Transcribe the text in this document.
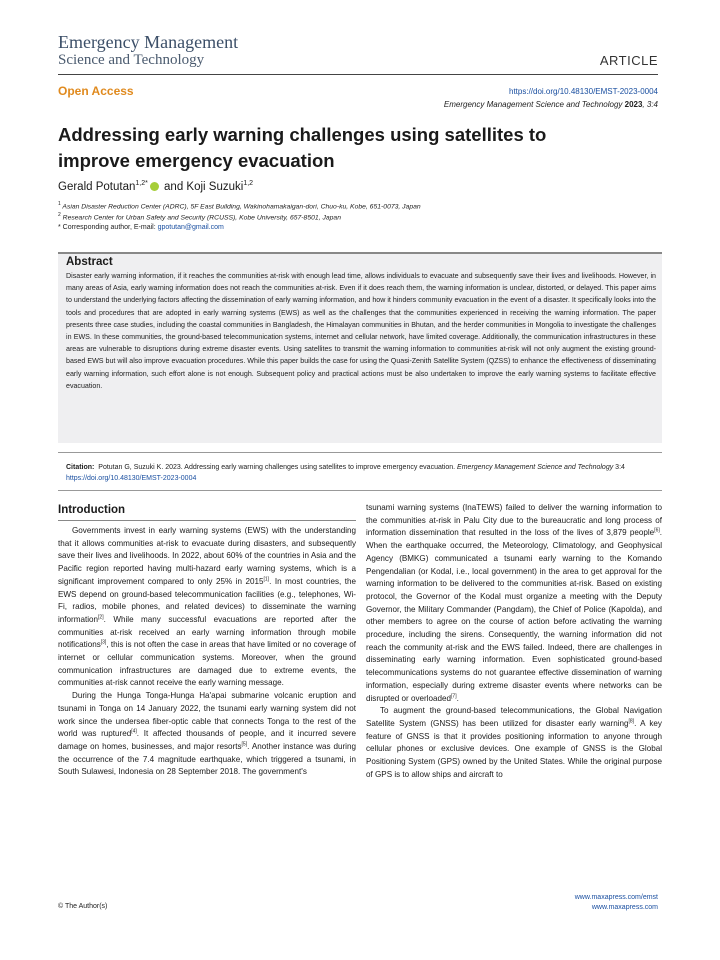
Emergency Management
Science and Technology	ARTICLE
Open Access	https://doi.org/10.48130/EMST-2023-0004
Emergency Management Science and Technology 2023, 3:4
Addressing early warning challenges using satellites to improve emergency evacuation
Gerald Potutan$^{1,2*}$ and Koji Suzuki$^{1,2}$
$^1$ Asian Disaster Reduction Center (ADRC), 5F East Building, Wakinohamakaigan-dori, Chuo-ku, Kobe, 651-0073, Japan
$^2$ Research Center for Urban Safety and Security (RCUSS), Kobe University, 657-8501, Japan
* Corresponding author, E-mail: gpotutan@gmail.com
Abstract
Disaster early warning information, if it reaches the communities at-risk with enough lead time, allows individuals to evacuate and subsequently save their lives and livelihoods. However, in many areas of Asia, early warning information does not reach the communities at-risk. Even if it does reach them, the warning information is unclear, distorted, or delayed. This paper aims to understand the underlying factors affecting the dissemination of early warning information, and how it hinders community evacuation in the event of a disaster. It specifically looks into the tools and procedures that are adopted in early warning systems (EWS) as well as the challenges that the communities experienced in receiving the warning information. The paper presents three case studies, including the coastal communities in Bangladesh, the Himalayan communities in Bhutan, and the herder communities in Mongolia to investigate the challenges in EWS. In these communities, the ground-based telecommunication systems, internet and cellular network, have limited coverage. Additionally, the communication infrastructures in these areas are vulnerable to disruptions during extreme disaster events. Using satellites to transmit the warning information to communities at-risk will not only augment the existing ground-based EWS but will also improve evacuation procedures. While this paper builds the case for using the Quasi-Zenith Satellite System (QZSS) to enhance the effectiveness of disseminating early warning information, such effort alone is not enough. Subsequent policy and practical actions must be also undertaken to improve the early warning systems to facilitate effective evacuation.
Citation: Potutan G, Suzuki K. 2023. Addressing early warning challenges using satellites to improve emergency evacuation. Emergency Management Science and Technology 3:4 https://doi.org/10.48130/EMST-2023-0004
Introduction

Governments invest in early warning systems (EWS) with the understanding that it allows communities at-risk to evacuate during disasters, and subsequently save their lives and livelihoods. In 2022, about 60% of the countries in Asia and the Pacific region reported having multi-hazard early warning systems, which is a significant improvement compared to only 25% in 2015[1]. In most countries, the EWS depend on ground-based telecommunication facilities (e.g., telephones, Wi-Fi, radios, mobile phones, and related devices) to disseminate the warning information[2]. While many successful evacuations are reported after the communities at-risk received an early warning information through mobile notifications[3], this is not often the case in areas that have limited or no coverage of internet or cellular communication systems. Moreover, when the ground communication infrastructures are damaged due to extreme events, the communities at-risk cannot receive the early warning message.

During the Hunga Tonga-Hunga Ha'apai submarine volcanic eruption and tsunami in Tonga on 14 January 2022, the tsunami early warning system did not work since the undersea fiber-optic cable that connects Tonga to the rest of the world was ruptured[4]. It affected thousands of people, and it incurred severe damage on homes, businesses, and major resorts[5]. Another instance was during the occurrence of the 7.4 magnitude earthquake, which triggered a tsunami, in South Sulawesi, Indonesia on 28 September 2018. The government's

tsunami warning systems (InaTEWS) failed to deliver the warning information to the communities at-risk in Palu City due to the bureaucratic and long process of information dissemination that resulted in the loss of the lives of 3,879 people[6]. When the earthquake occurred, the Meteorology, Climatology, and Geophysical Agency (BMKG) communicated a tsunami early warning to the Komando Pengendalian (or Kodal, i.e., local government) in the area to get approval for the warning information to be delivered to the communities at-risk. Based on existing protocol, the Governor of the Kodal must organize a meeting with the Deputy Governor, the Military Commander (Pangdam), the Chief of Police (Kapolda), and other members to agree on the course of action before activating the warning procedure, including the sirens. Consequently, the warning information did not reach the community at-risk and the EWS failed. Indeed, there are challenges in disseminating early warning information. Even sophisticated ground-based telecommunications systems do not guarantee effective dissemination of warning information, especially during extreme disaster events where networks can be disrupted or overloaded[7].

To augment the ground-based telecommunications, the Global Navigation Satellite System (GNSS) has been utilized for disaster early warning[8]. A key feature of GNSS is that it provides positioning information to anyone through cellular phones or exclusive devices. One example of GNSS is the Global Positioning System (GPS) owned by the United States. While the original purpose of GPS is to allow ships and aircraft to

© The Author(s)
www.maxapress.com/emst
www.maxapress.com
